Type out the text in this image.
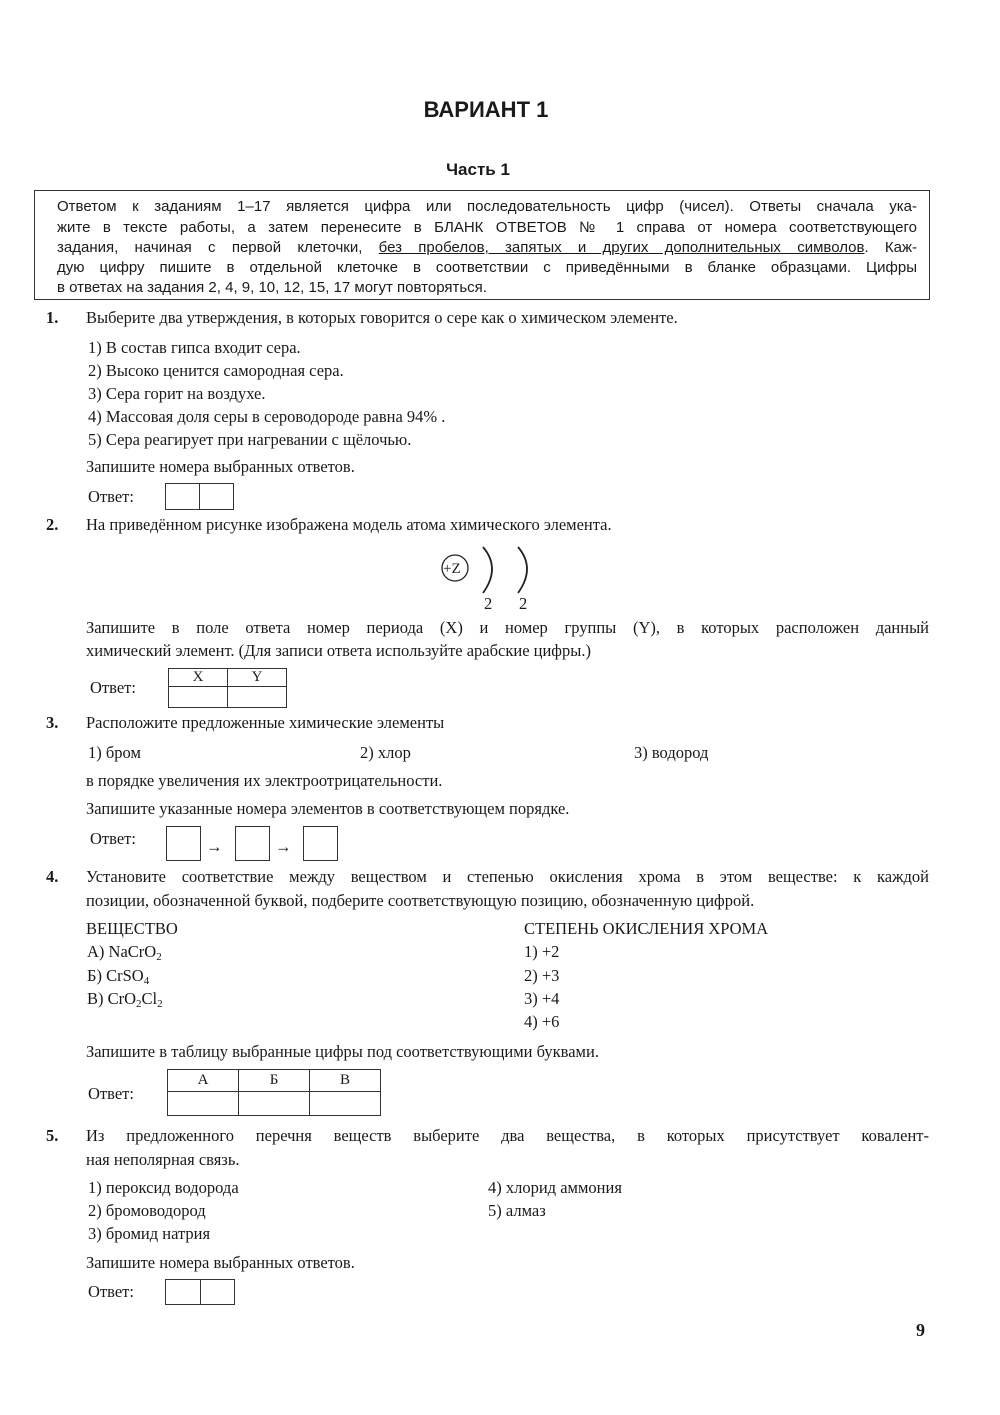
ВАРИАНТ 1
Часть 1
Ответом к заданиям 1–17 является цифра или последовательность цифр (чисел). Ответы сначала ука-
жите в тексте работы, а затем перенесите в БЛАНК ОТВЕТОВ № 1 справа от номера соответствующего
задания, начиная с первой клеточки, без пробелов, запятых и других дополнительных символов. Каж-
дую цифру пишите в отдельной клеточке в соответствии с приведёнными в бланке образцами. Цифры
в ответах на задания 2, 4, 9, 10, 12, 15, 17 могут повторяться.
1. Выберите два утверждения, в которых говорится о сере как о химическом элементе.
1) В состав гипса входит сера.
2) Высоко ценится самородная сера.
3) Сера горит на воздухе.
4) Массовая доля серы в сероводороде равна 94% .
5) Сера реагирует при нагревании с щёлочью.
Запишите номера выбранных ответов.
Ответ:
2. На приведённом рисунке изображена модель атома химического элемента.
+Z
2 2
Запишите в поле ответа номер периода (X) и номер группы (Y), в которых расположен данный
химический элемент. (Для записи ответа используйте арабские цифры.)
Ответ:
X	Y

3. Расположите предложенные химические элементы
1) бром	2) хлор	3) водород
в порядке увеличения их электроотрицательности.
Запишите указанные номера элементов в соответствующем порядке.
Ответ:	→	→
4. Установите соответствие между веществом и степенью окисления хрома в этом веществе: к каждой
позиции, обозначенной буквой, подберите соответствующую позицию, обозначенную цифрой.
ВЕЩЕСТВО	СТЕПЕНЬ ОКИСЛЕНИЯ ХРОМА
А) NaCrO$_2$
Б) CrSO$_4$
В) $CrO_2Cl_2$
1) +2
2) +3
3) +4
4) +6
Запишите в таблицу выбранные цифры под соответствующими буквами.
Ответ:
А	Б	В

5. Из предложенного перечня веществ выберите два вещества, в которых присутствует ковалент-
ная неполярная связь.
1) пероксид водорода
2) бромоводород
3) бромид натрия
4) хлорид аммония
5) алмаз
Запишите номера выбранных ответов.
Ответ:
9
